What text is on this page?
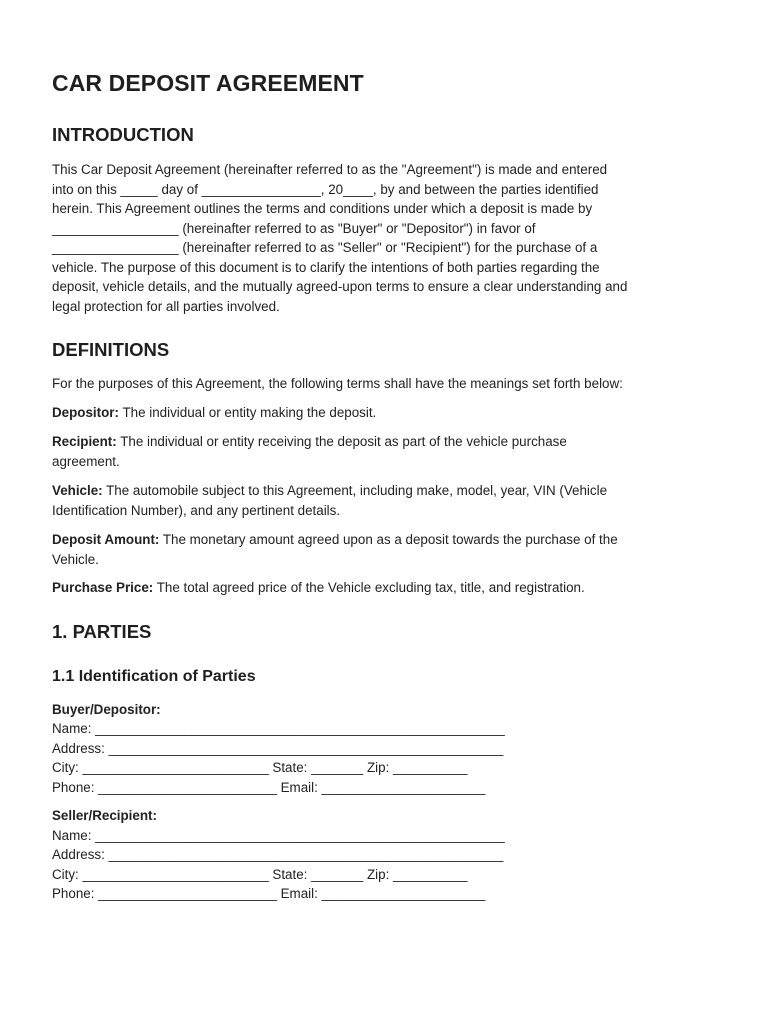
CAR DEPOSIT AGREEMENT
INTRODUCTION
This Car Deposit Agreement (hereinafter referred to as the "Agreement") is made and entered
into on this _____ day of ________________, 20____, by and between the parties identified
herein. This Agreement outlines the terms and conditions under which a deposit is made by
_________________ (hereinafter referred to as "Buyer" or "Depositor") in favor of
_________________ (hereinafter referred to as "Seller" or "Recipient") for the purchase of a
vehicle. The purpose of this document is to clarify the intentions of both parties regarding the
deposit, vehicle details, and the mutually agreed-upon terms to ensure a clear understanding and
legal protection for all parties involved.
DEFINITIONS
For the purposes of this Agreement, the following terms shall have the meanings set forth below:
Depositor: The individual or entity making the deposit.
Recipient: The individual or entity receiving the deposit as part of the vehicle purchase
agreement.
Vehicle: The automobile subject to this Agreement, including make, model, year, VIN (Vehicle
Identification Number), and any pertinent details.
Deposit Amount: The monetary amount agreed upon as a deposit towards the purchase of the
Vehicle.
Purchase Price: The total agreed price of the Vehicle excluding tax, title, and registration.
1. PARTIES
1.1 Identification of Parties
Buyer/Depositor:
Name: _______________________________________________________
Address: _____________________________________________________
City: _________________________ State: _______ Zip: __________
Phone: ________________________ Email: ______________________
Seller/Recipient:
Name: _______________________________________________________
Address: _____________________________________________________
City: _________________________ State: _______ Zip: __________
Phone: ________________________ Email: ______________________
